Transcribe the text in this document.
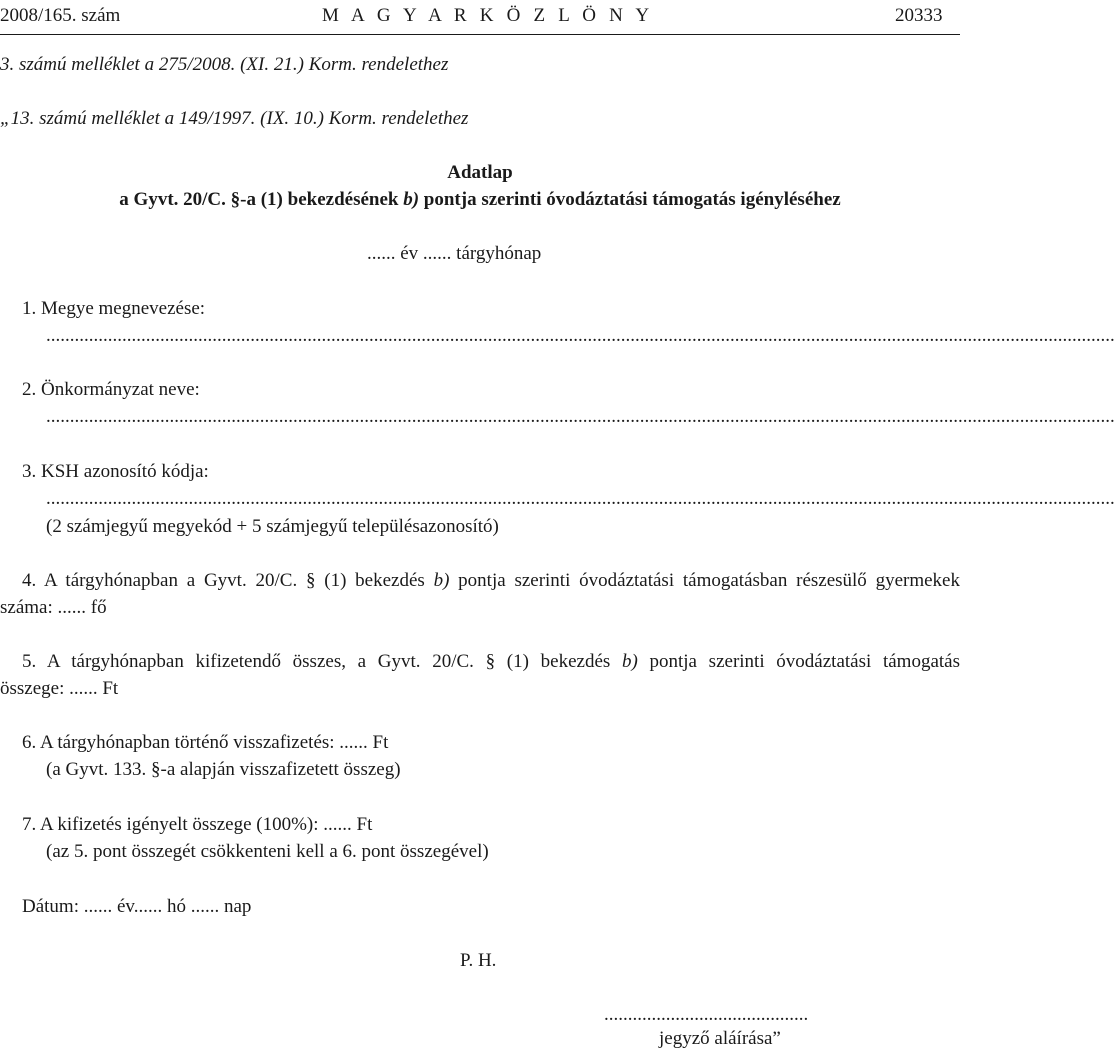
2008/165. szám	M A G Y A R K Ö Z L Ö N Y	20333
3. számú melléklet a 275/2008. (XI. 21.) Korm. rendelethez
„13. számú melléklet a 149/1997. (IX. 10.) Korm. rendelethez
Adatlap
a Gyvt. 20/C. §-a (1) bekezdésének b) pontja szerinti óvodáztatási támogatás igényléséhez
...... év ...... tárgyhónap
1. Megye megnevezése:
.................................................................................................................................................................................................................................
2. Önkormányzat neve:
.................................................................................................................................................................................................................................
3. KSH azonosító kódja:
.................................................................................................................................................................................................................................
(2 számjegyű megyekód + 5 számjegyű településazonosító)
4. A tárgyhónapban a Gyvt. 20/C. § (1) bekezdés b) pontja szerinti óvodáztatási támogatásban részesülő gyermekek
száma: ...... fő
5. A tárgyhónapban kifizetendő összes, a Gyvt. 20/C. § (1) bekezdés b) pontja szerinti óvodáztatási támogatás
összege: ...... Ft
6. A tárgyhónapban történő visszafizetés: ...... Ft
(a Gyvt. 133. §-a alapján visszafizetett összeg)
7. A kifizetés igényelt összege (100%): ...... Ft
(az 5. pont összegét csökkenteni kell a 6. pont összegével)
Dátum: ...... év...... hó ...... nap
P. H.
...........................................
jegyző aláírása”
